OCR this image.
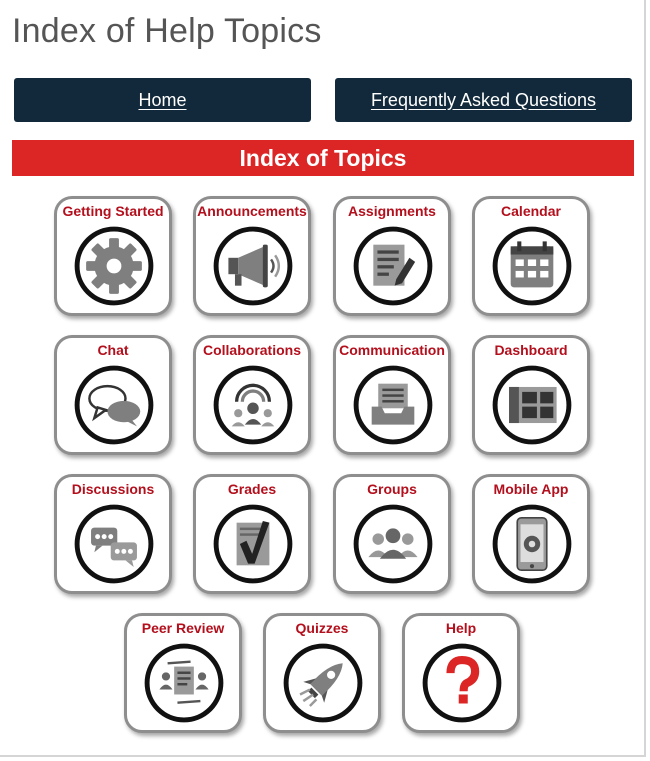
Index of Help Topics
Home	Frequently Asked Questions
Index of Topics
Getting Started	Announcements	Assignments	Calendar
Chat	Collaborations	Communication	Dashboard
Discussions	Grades	Groups	Mobile App
Peer Review	Quizzes	Help
